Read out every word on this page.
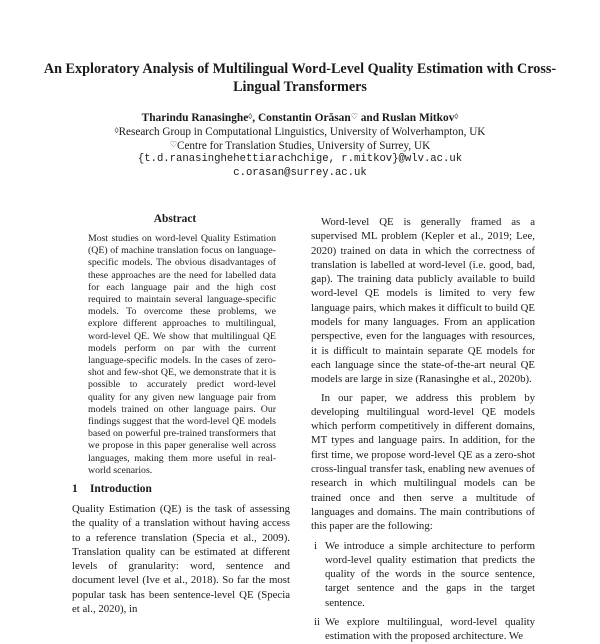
An Exploratory Analysis of Multilingual Word-Level Quality Estimation with Cross-Lingual Transformers
Tharindu Ranasinghe◊, Constantin Orăsan♡ and Ruslan Mitkov◊
◊Research Group in Computational Linguistics, University of Wolverhampton, UK
♡Centre for Translation Studies, University of Surrey, UK
{t.d.ranasinghehettiarachchige, r.mitkov}@wlv.ac.uk
c.orasan@surrey.ac.uk
Abstract
Most studies on word-level Quality Estimation (QE) of machine translation focus on language-specific models. The obvious disadvantages of these approaches are the need for labelled data for each language pair and the high cost required to maintain several language-specific models. To overcome these problems, we explore different approaches to multilingual, word-level QE. We show that multilingual QE models perform on par with the current language-specific models. In the cases of zero-shot and few-shot QE, we demonstrate that it is possible to accurately predict word-level quality for any given new language pair from models trained on other language pairs. Our findings suggest that the word-level QE models based on powerful pre-trained transformers that we propose in this paper generalise well across languages, making them more useful in real-world scenarios.
1 Introduction
Quality Estimation (QE) is the task of assessing the quality of a translation without having access to a reference translation (Specia et al., 2009). Translation quality can be estimated at different levels of granularity: word, sentence and document level (Ive et al., 2018). So far the most popular task has been sentence-level QE (Specia et al., 2020), in

Word-level QE is generally framed as a supervised ML problem (Kepler et al., 2019; Lee, 2020) trained on data in which the correctness of translation is labelled at word-level (i.e. good, bad, gap). The training data publicly available to build word-level QE models is limited to very few language pairs, which makes it difficult to build QE models for many languages. From an application perspective, even for the languages with resources, it is difficult to maintain separate QE models for each language since the state-of-the-art neural QE models are large in size (Ranasinghe et al., 2020b).

In our paper, we address this problem by developing multilingual word-level QE models which perform competitively in different domains, MT types and language pairs. In addition, for the first time, we propose word-level QE as a zero-shot cross-lingual transfer task, enabling new avenues of research in which multilingual models can be trained once and then serve a multitude of languages and domains. The main contributions of this paper are the following:

i We introduce a simple architecture to perform word-level quality estimation that predicts the quality of the words in the source sentence, target sentence and the gaps in the target sentence.
ii We explore multilingual, word-level quality estimation with the proposed architecture. We
